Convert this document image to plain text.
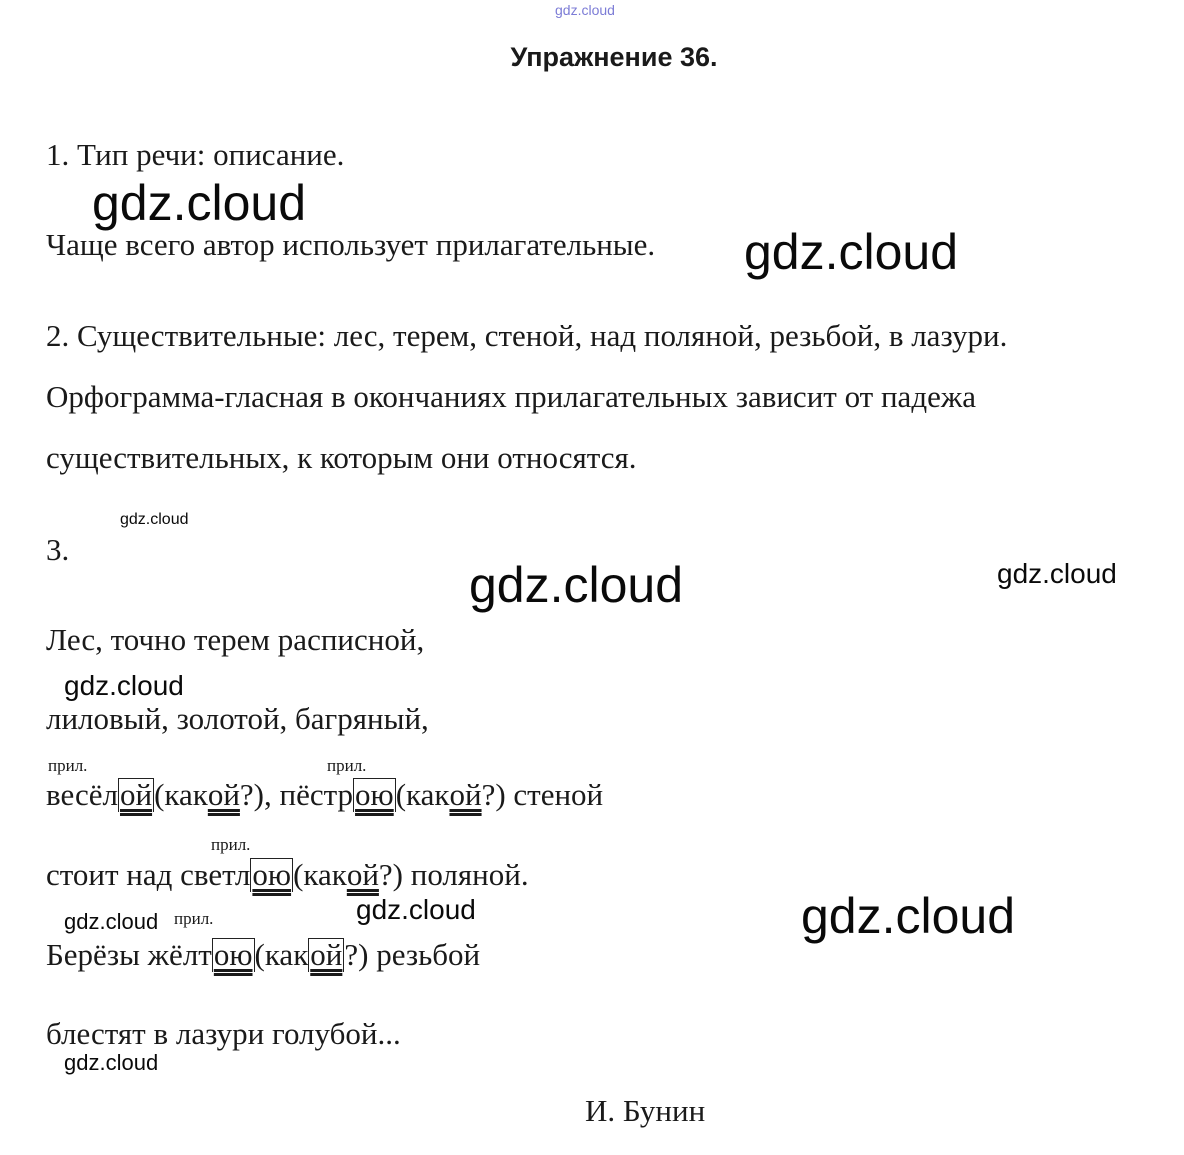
gdz.cloud
Упражнение 36.
1. Тип речи: описание.
gdz.cloud
Чаще всего автор использует прилагательные. gdz.cloud
2. Существительные: лес, терем, стеной, над поляной, резьбой, в лазури.
Орфограмма-гласная в окончаниях прилагательных зависит от падежа
существительных, к которым они относятся.
gdz.cloud
3.
gdz.cloud	gdz.cloud
Лес, точно терем расписной,
gdz.cloud
лиловый, золотой, багряный,
прил.	прил.
весёлой(какой?), пёстрою(какой?) стеной
прил.
стоит над светлою(какой?) поляной.
gdz.cloud прил.	gdz.cloud	gdz.cloud
Берёзы жёлтою(какой?) резьбой
блестят в лазури голубой...
gdz.cloud
И. Бунин
